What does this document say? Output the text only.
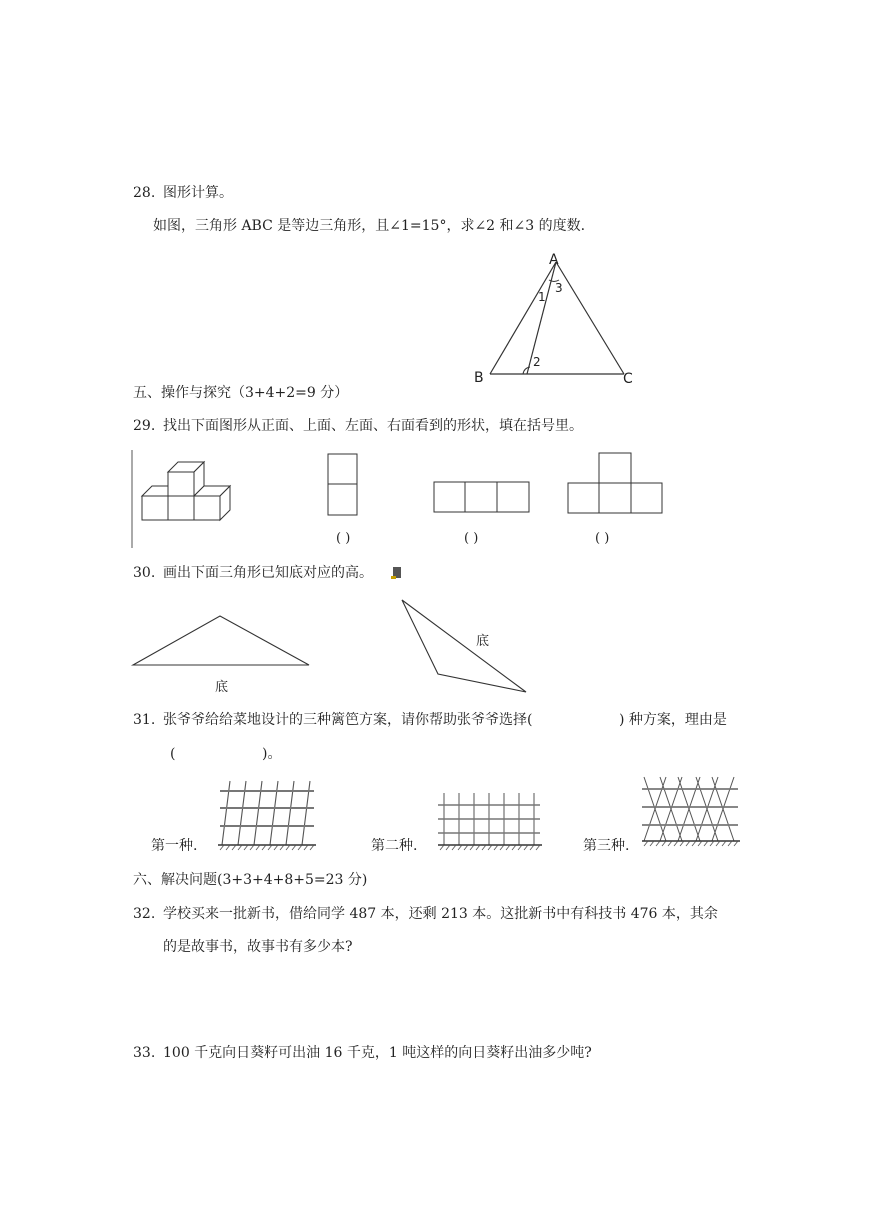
28. 图形计算。
如图，三角形 ABC 是等边三角形，且∠1=15°，求∠2 和∠3 的度数.
A
B	C
1
2
3
五、操作与探究（3+4+2=9 分）
29. 找出下面图形从正面、上面、左面、右面看到的形状，填在括号里。
( )	( )	( )
30. 画出下面三角形已知底对应的高。
底
底
31. 张爷爷给给菜地设计的三种篱笆方案，请你帮助张爷爷选择(	) 种方案，理由是
(	)。
第一种.	第二种.	第三种.
六、解决问题(3+3+4+8+5=23 分)
32. 学校买来一批新书，借给同学 487 本，还剩 213 本。这批新书中有科技书 476 本，其余
的是故事书，故事书有多少本?
33. 100 千克向日葵籽可出油 16 千克，1 吨这样的向日葵籽出油多少吨?
